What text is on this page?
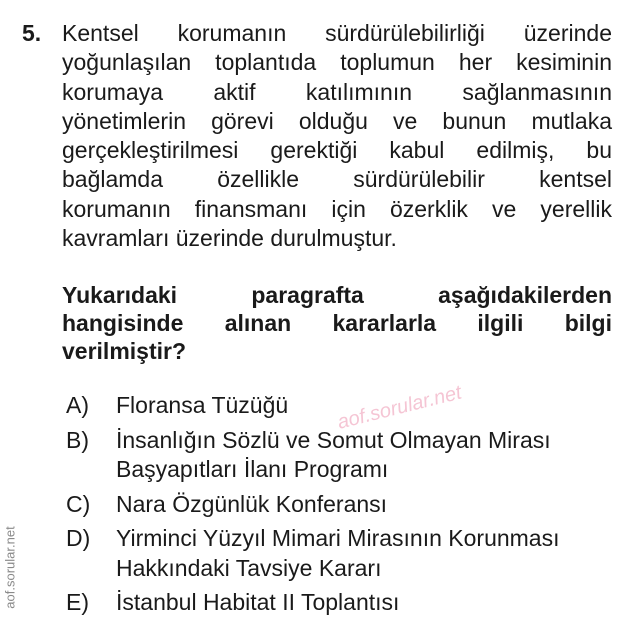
5. Kentsel korumanın sürdürülebilirliği üzerinde
yoğunlaşılan toplantıda toplumun her kesiminin
korumaya aktif katılımının sağlanmasının
yönetimlerin görevi olduğu ve bunun mutlaka
gerçekleştirilmesi gerektiği kabul edilmiş, bu
bağlamda özellikle sürdürülebilir kentsel
korumanın finansmanı için özerklik ve yerellik
kavramları üzerinde durulmuştur.

Yukarıdaki paragrafta aşağıdakilerden
hangisinde alınan kararlarla ilgili bilgi
verilmiştir?

A)	Floransa Tüzüğü
B)	İnsanlığın Sözlü ve Somut Olmayan Mirası Başyapıtları İlanı Programı
C)	Nara Özgünlük Konferansı
D)	Yirminci Yüzyıl Mimari Mirasının Korunması Hakkındaki Tavsiye Kararı
E)	İstanbul Habitat II Toplantısı
aof.sorular.net
aof.sorular.net
